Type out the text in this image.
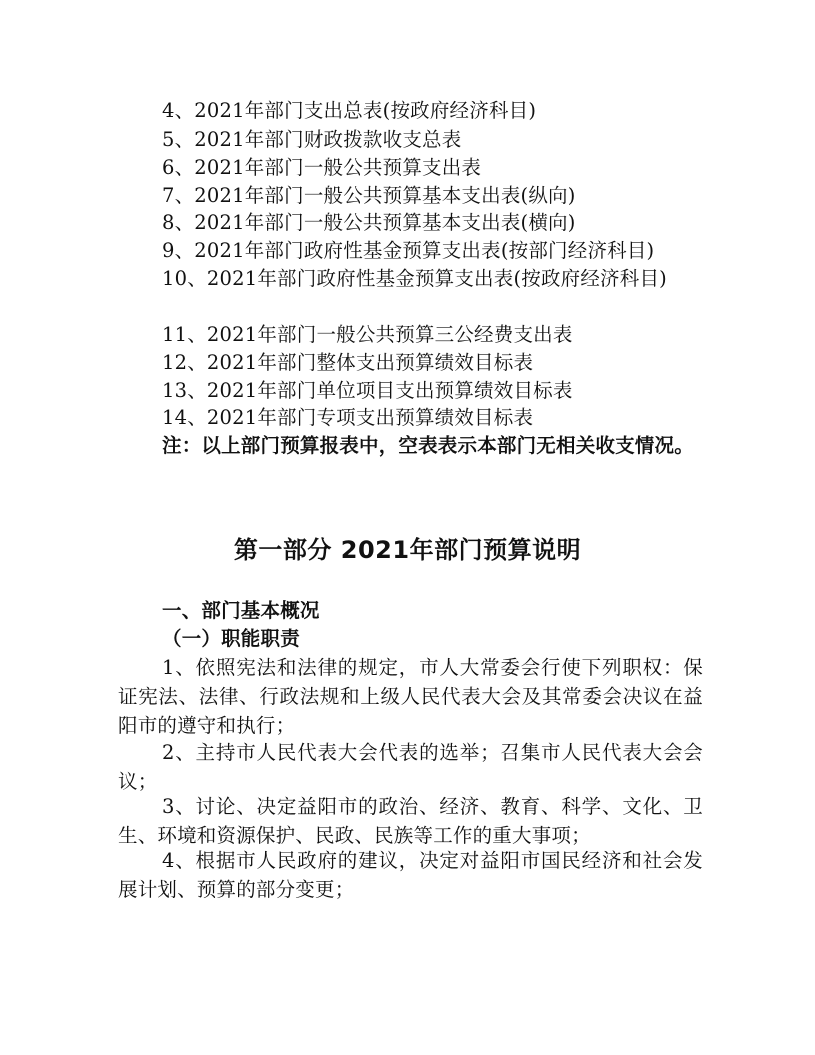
4、2021年部门支出总表(按政府经济科目)
5、2021年部门财政拨款收支总表
6、2021年部门一般公共预算支出表
7、2021年部门一般公共预算基本支出表(纵向)
8、2021年部门一般公共预算基本支出表(横向)
9、2021年部门政府性基金预算支出表(按部门经济科目)
10、2021年部门政府性基金预算支出表(按政府经济科目)
11、2021年部门一般公共预算三公经费支出表
12、2021年部门整体支出预算绩效目标表
13、2021年部门单位项目支出预算绩效目标表
14、2021年部门专项支出预算绩效目标表
注：以上部门预算报表中，空表表示本部门无相关收支情况。
第一部分 2021年部门预算说明
一、部门基本概况
（一）职能职责
1、依照宪法和法律的规定，市人大常委会行使下列职权：保证宪法、法律、行政法规和上级人民代表大会及其常委会决议在益阳市的遵守和执行；
2、主持市人民代表大会代表的选举；召集市人民代表大会会议；
3、讨论、决定益阳市的政治、经济、教育、科学、文化、卫生、环境和资源保护、民政、民族等工作的重大事项；
4、根据市人民政府的建议，决定对益阳市国民经济和社会发展计划、预算的部分变更；
